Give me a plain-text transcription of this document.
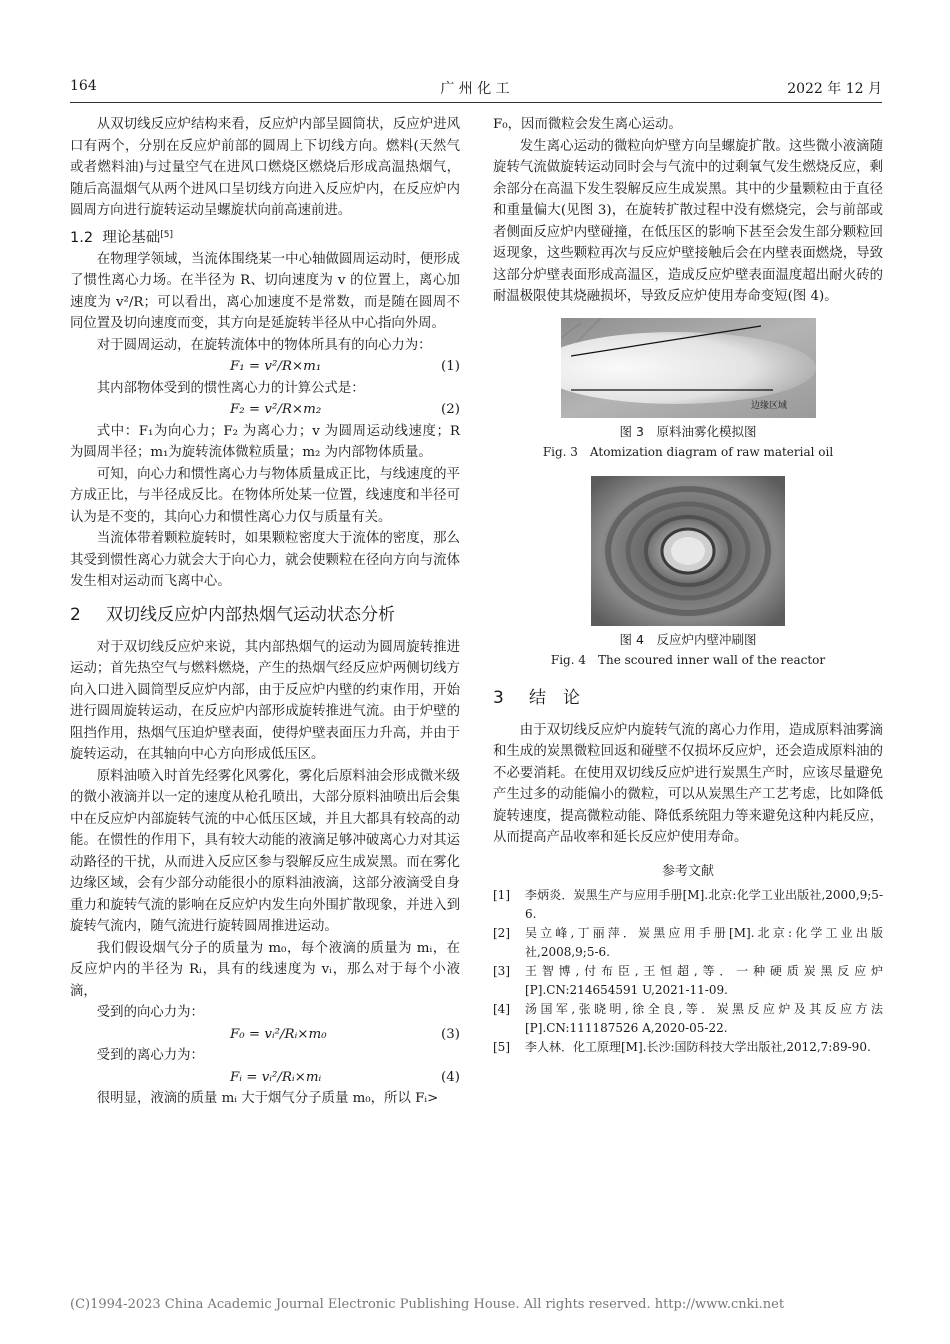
164	广 州 化 工	2022 年 12 月

从双切线反应炉结构来看，反应炉内部呈圆筒状，反应炉进风口有两个，分别在反应炉前部的圆周上下切线方向。燃料(天然气或者燃料油)与过量空气在进风口燃烧区燃烧后形成高温热烟气，随后高温烟气从两个进风口呈切线方向进入反应炉内，在反应炉内圆周方向进行旋转运动呈螺旋状向前高速前进。

1.2 理论基础[5]

在物理学领域，当流体围绕某一中心轴做圆周运动时，便形成了惯性离心力场。在半径为 R、切向速度为 v 的位置上，离心加速度为 v²/R；可以看出，离心加速度不是常数，而是随在圆周不同位置及切向速度而变，其方向是延旋转半径从中心指向外周。

对于圆周运动，在旋转流体中的物体所具有的向心力为：

F₁ = v²/R×m₁	(1)

其内部物体受到的惯性离心力的计算公式是：

F₂ = v²/R×m₂	(2)

式中：F₁为向心力；F₂ 为离心力；v 为圆周运动线速度；R 为圆周半径；m₁为旋转流体微粒质量；m₂ 为内部物体质量。

可知，向心力和惯性离心力与物体质量成正比，与线速度的平方成正比，与半径成反比。在物体所处某一位置，线速度和半径可认为是不变的，其向心力和惯性离心力仅与质量有关。

当流体带着颗粒旋转时，如果颗粒密度大于流体的密度，那么其受到惯性离心力就会大于向心力，就会使颗粒在径向方向与流体发生相对运动而飞离中心。

2 双切线反应炉内部热烟气运动状态分析

对于双切线反应炉来说，其内部热烟气的运动为圆周旋转推进运动；首先热空气与燃料燃烧，产生的热烟气经反应炉两侧切线方向入口进入圆筒型反应炉内部，由于反应炉内壁的约束作用，开始进行圆周旋转运动，在反应炉内部形成旋转推进气流。由于炉壁的阻挡作用，热烟气压迫炉壁表面，使得炉壁表面压力升高，并由于旋转运动，在其轴向中心方向形成低压区。

原料油喷入时首先经雾化风雾化，雾化后原料油会形成微米级的微小液滴并以一定的速度从枪孔喷出，大部分原料油喷出后会集中在反应炉内部旋转气流的中心低压区域，并且大都具有较高的动能。在惯性的作用下，具有较大动能的液滴足够冲破离心力对其运动路径的干扰，从而进入反应区参与裂解反应生成炭黑。而在雾化边缘区域，会有少部分动能很小的原料油液滴，这部分液滴受自身重力和旋转气流的影响在反应炉内发生向外围扩散现象，并进入到旋转气流内，随气流进行旋转圆周推进运动。

我们假设烟气分子的质量为 m₀，每个液滴的质量为 mᵢ，在反应炉内的半径为 Rᵢ，具有的线速度为 vᵢ，那么对于每个小液滴，

受到的向心力为：

F₀ = vᵢ²/Rᵢ×m₀	(3)

受到的离心力为：

Fᵢ = vᵢ²/Rᵢ×mᵢ	(4)

很明显，液滴的质量 mᵢ 大于烟气分子质量 m₀，所以 Fᵢ>

F₀，因而微粒会发生离心运动。

发生离心运动的微粒向炉壁方向呈螺旋扩散。这些微小液滴随旋转气流做旋转运动同时会与气流中的过剩氧气发生燃烧反应，剩余部分在高温下发生裂解反应生成炭黑。其中的少量颗粒由于直径和重量偏大(见图 3)，在旋转扩散过程中没有燃烧完，会与前部或者侧面反应炉内壁碰撞，在低压区的影响下甚至会发生部分颗粒回返现象，这些颗粒再次与反应炉壁接触后会在内壁表面燃烧，导致这部分炉壁表面形成高温区，造成反应炉壁表面温度超出耐火砖的耐温极限使其烧融损坏，导致反应炉使用寿命变短(图 4)。

边缘区域
图 3　原料油雾化模拟图
Fig. 3　Atomization diagram of raw material oil
图 4　反应炉内壁冲刷图
Fig. 4　The scoured inner wall of the reactor
3 结　论

由于双切线反应炉内旋转气流的离心力作用，造成原料油雾滴和生成的炭黑微粒回返和碰壁不仅损坏反应炉，还会造成原料油的不必要消耗。在使用双切线反应炉进行炭黑生产时，应该尽量避免产生过多的动能偏小的微粒，可以从炭黑生产工艺考虑，比如降低旋转速度，提高微粒动能、降低系统阻力等来避免这种内耗反应，从而提高产品收率和延长反应炉使用寿命。

参考文献
[1]	李炳炎．炭黑生产与应用手册[M].北京:化学工业出版社,2000,9;5-6.
[2]	吴立峰,丁丽萍．炭黑应用手册[M].北京:化学工业出版社,2008,9;5-6.
[3]	王智博,付布臣,王恒超,等．一种硬质炭黑反应炉[P].CN:214654591 U,2021-11-09.
[4]	汤国军,张晓明,徐全良,等．炭黑反应炉及其反应方法[P].CN:111187526 A,2020-05-22.
[5]	李人林．化工原理[M].长沙:国防科技大学出版社,2012,7:89-90.
(C)1994-2023 China Academic Journal Electronic Publishing House. All rights reserved. http://www.cnki.net
